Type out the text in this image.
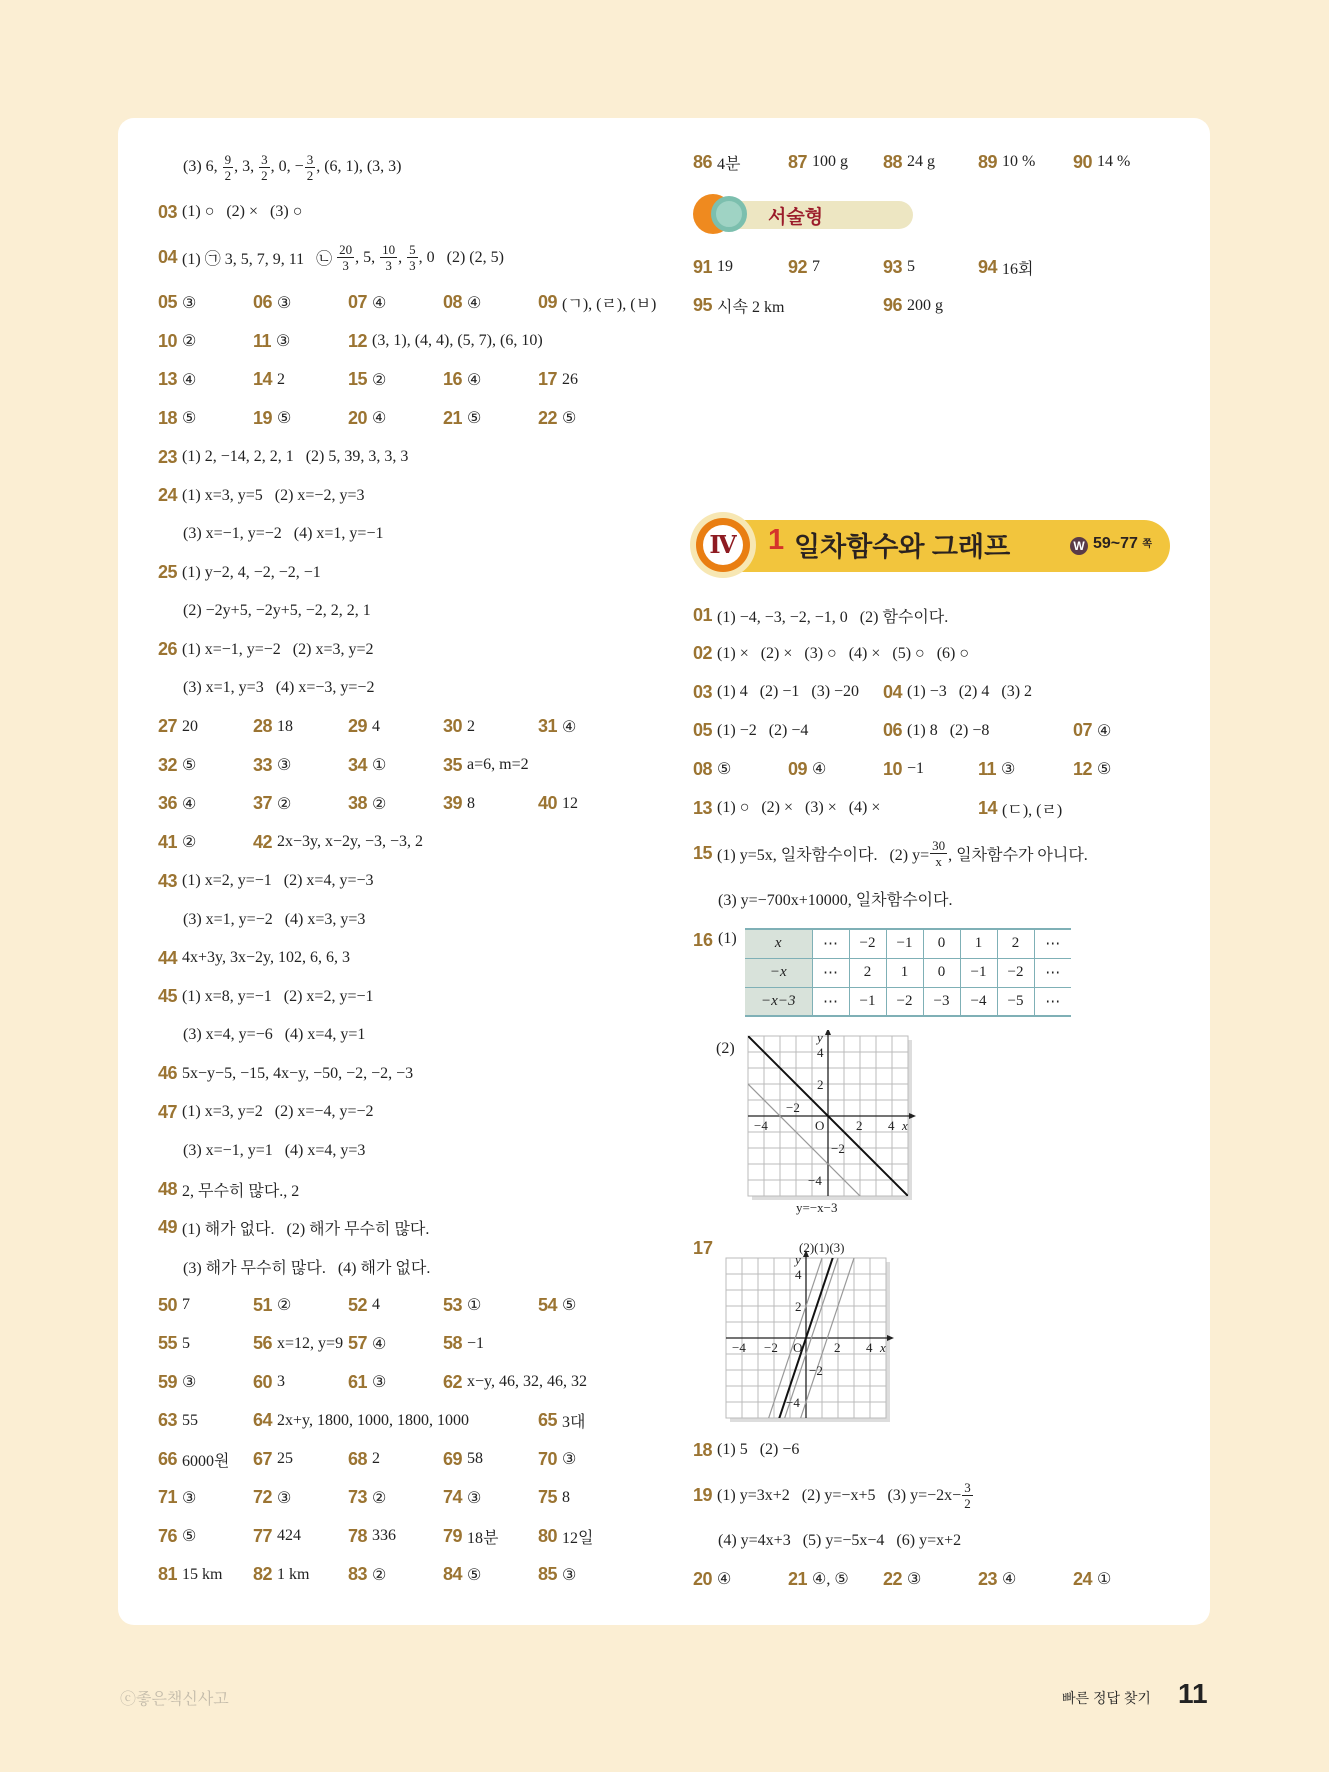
(3) 6, $\frac{9}{2}$ , 3, $\frac{3}{2}$ , 0, − $\frac{3}{2}$ , (6, 1), (3, 3)
03 (1) ○   (2) ×   (3) ○
04 (1) ㉠ 3, 5, 7, 9, 11   ㉡ $\frac{20}{3}$ , 5, $\frac{10}{3}$ , $\frac{5}{3}$ , 0   (2) (2, 5)
05 ③	06 ③	07 ④	08 ④	09 (ㄱ), (ㄹ), (ㅂ)
10 ②	11 ③	12 (3, 1), (4, 4), (5, 7), (6, 10)
13 ④	14 2	15 ②	16 ④	17 26
18 ⑤	19 ⑤	20 ④	21 ⑤	22 ⑤
23 (1) 2, −14, 2, 2, 1   (2) 5, 39, 3, 3, 3
24 (1) x=3, y=5   (2) x=−2, y=3
(3) x=−1, y=−2   (4) x=1, y=−1
25 (1) y−2, 4, −2, −2, −1
(2) −2y+5, −2y+5, −2, 2, 2, 1
26 (1) x=−1, y=−2   (2) x=3, y=2
(3) x=1, y=3   (4) x=−3, y=−2
27 20	28 18	29 4	30 2	31 ④
32 ⑤	33 ③	34 ①	35 a=6, m=2
36 ④	37 ②	38 ②	39 8	40 12
41 ②	42 2x−3y, x−2y, −3, −3, 2
43 (1) x=2, y=−1   (2) x=4, y=−3
(3) x=1, y=−2   (4) x=3, y=3
44 4x+3y, 3x−2y, 102, 6, 6, 3
45 (1) x=8, y=−1   (2) x=2, y=−1
(3) x=4, y=−6   (4) x=4, y=1
46 5x−y−5, −15, 4x−y, −50, −2, −2, −3
47 (1) x=3, y=2   (2) x=−4, y=−2
(3) x=−1, y=1   (4) x=4, y=3
48 2, 무수히 많다., 2
49 (1) 해가 없다.   (2) 해가 무수히 많다.
(3) 해가 무수히 많다.   (4) 해가 없다.
50 7	51 ②	52 4	53 ①	54 ⑤
55 5	56 x=12, y=9 57 ④	58 −1
59 ③	60 3	61 ③	62 x−y, 46, 32, 46, 32
63 55	64 2x+y, 1800, 1000, 1800, 1000	65 3대
66 6000원 67 25	68 2	69 58	70 ③
71 ③	72 ③	73 ②	74 ③	75 8
76 ⑤	77 424	78 336	79 18분 80 12일
81 15 km 82 1 km 83 ②	84 ⑤	85 ③
86 4분	87 100 g 88 24 g 89 10 % 90 14 %
서술형
91 19	92 7	93 5	94 16회
95 시속 2 km	96 200 g
Ⅳ 1 일차함수와 그래프	W 59~77 $^쪽$
01 (1) −4, −3, −2, −1, 0   (2) 함수이다.
02 (1) ×   (2) ×   (3) ○   (4) ×   (5) ○   (6) ○
03 (1) 4   (2) −1   (3) −20 04 (1) −3   (2) 4   (3) 2
05 (1) −2   (2) −4	06 (1) 8   (2) −8	07 ④
08 ⑤	09 ④	10 −1	11 ③	12 ⑤
13 (1) ○   (2) ×   (3) ×   (4) ×	14 (ㄷ), (ㄹ)
15 (1) y=5x, 일차함수이다.   (2) $y= \frac{30}{x}$ , 일차함수가 아니다.
(3) y=−700x+10000, 일차함수이다.
16 (1)	x	⋯	−2	−1	0	1	2	⋯
−x	⋯	2	1	0	−1	−2	⋯
−x−3	⋯	−1	−2	−3	−4	−5	⋯
(2)
y
x
O
4
2
−2
−4
−4
−2
2 4
y=−x−3
17
y
x
O
4
2
−2
−4
−4 −2	2 4
(2)(1)(3)
18 (1) 5   (2) −6
19 (1) y=3x+2   (2) y=−x+5   (3) $y=-2x- \frac{3}{2}$
(4) y=4x+3   (5) y=−5x−4   (6) y=x+2
20 ④	21 ④, ⑤ 22 ③	23 ④	24 ①
ⓒ좋은책신사고	빠른 정답 찾기 11
